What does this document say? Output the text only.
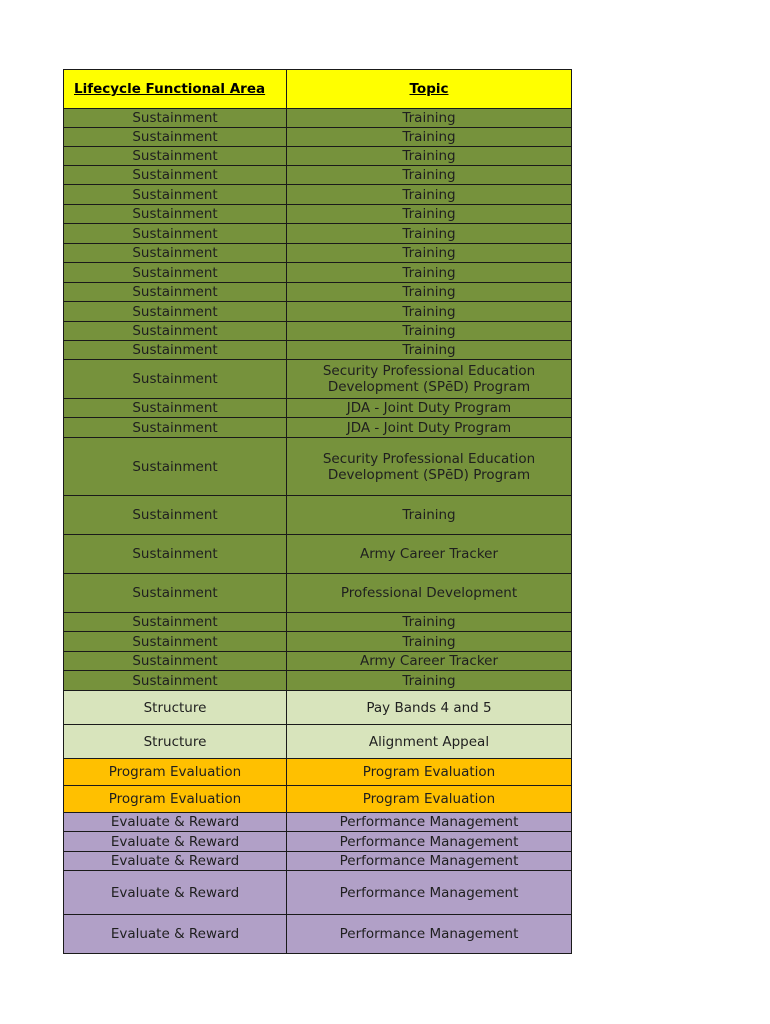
Lifecycle Functional Area	Topic
Sustainment	Training
Sustainment	Training
Sustainment	Training
Sustainment	Training
Sustainment	Training
Sustainment	Training
Sustainment	Training
Sustainment	Training
Sustainment	Training
Sustainment	Training
Sustainment	Training
Sustainment	Training
Sustainment	Training
Sustainment	Security Professional Education Development (SPēD) Program
Sustainment	JDA - Joint Duty Program
Sustainment	JDA - Joint Duty Program
Sustainment	Security Professional Education Development (SPēD) Program
Sustainment	Training
Sustainment	Army Career Tracker
Sustainment	Professional Development
Sustainment	Training
Sustainment	Training
Sustainment	Army Career Tracker
Sustainment	Training
Structure	Pay Bands 4 and 5
Structure	Alignment Appeal
Program Evaluation	Program Evaluation
Program Evaluation	Program Evaluation
Evaluate & Reward	Performance Management
Evaluate & Reward	Performance Management
Evaluate & Reward	Performance Management
Evaluate & Reward	Performance Management
Evaluate & Reward	Performance Management
